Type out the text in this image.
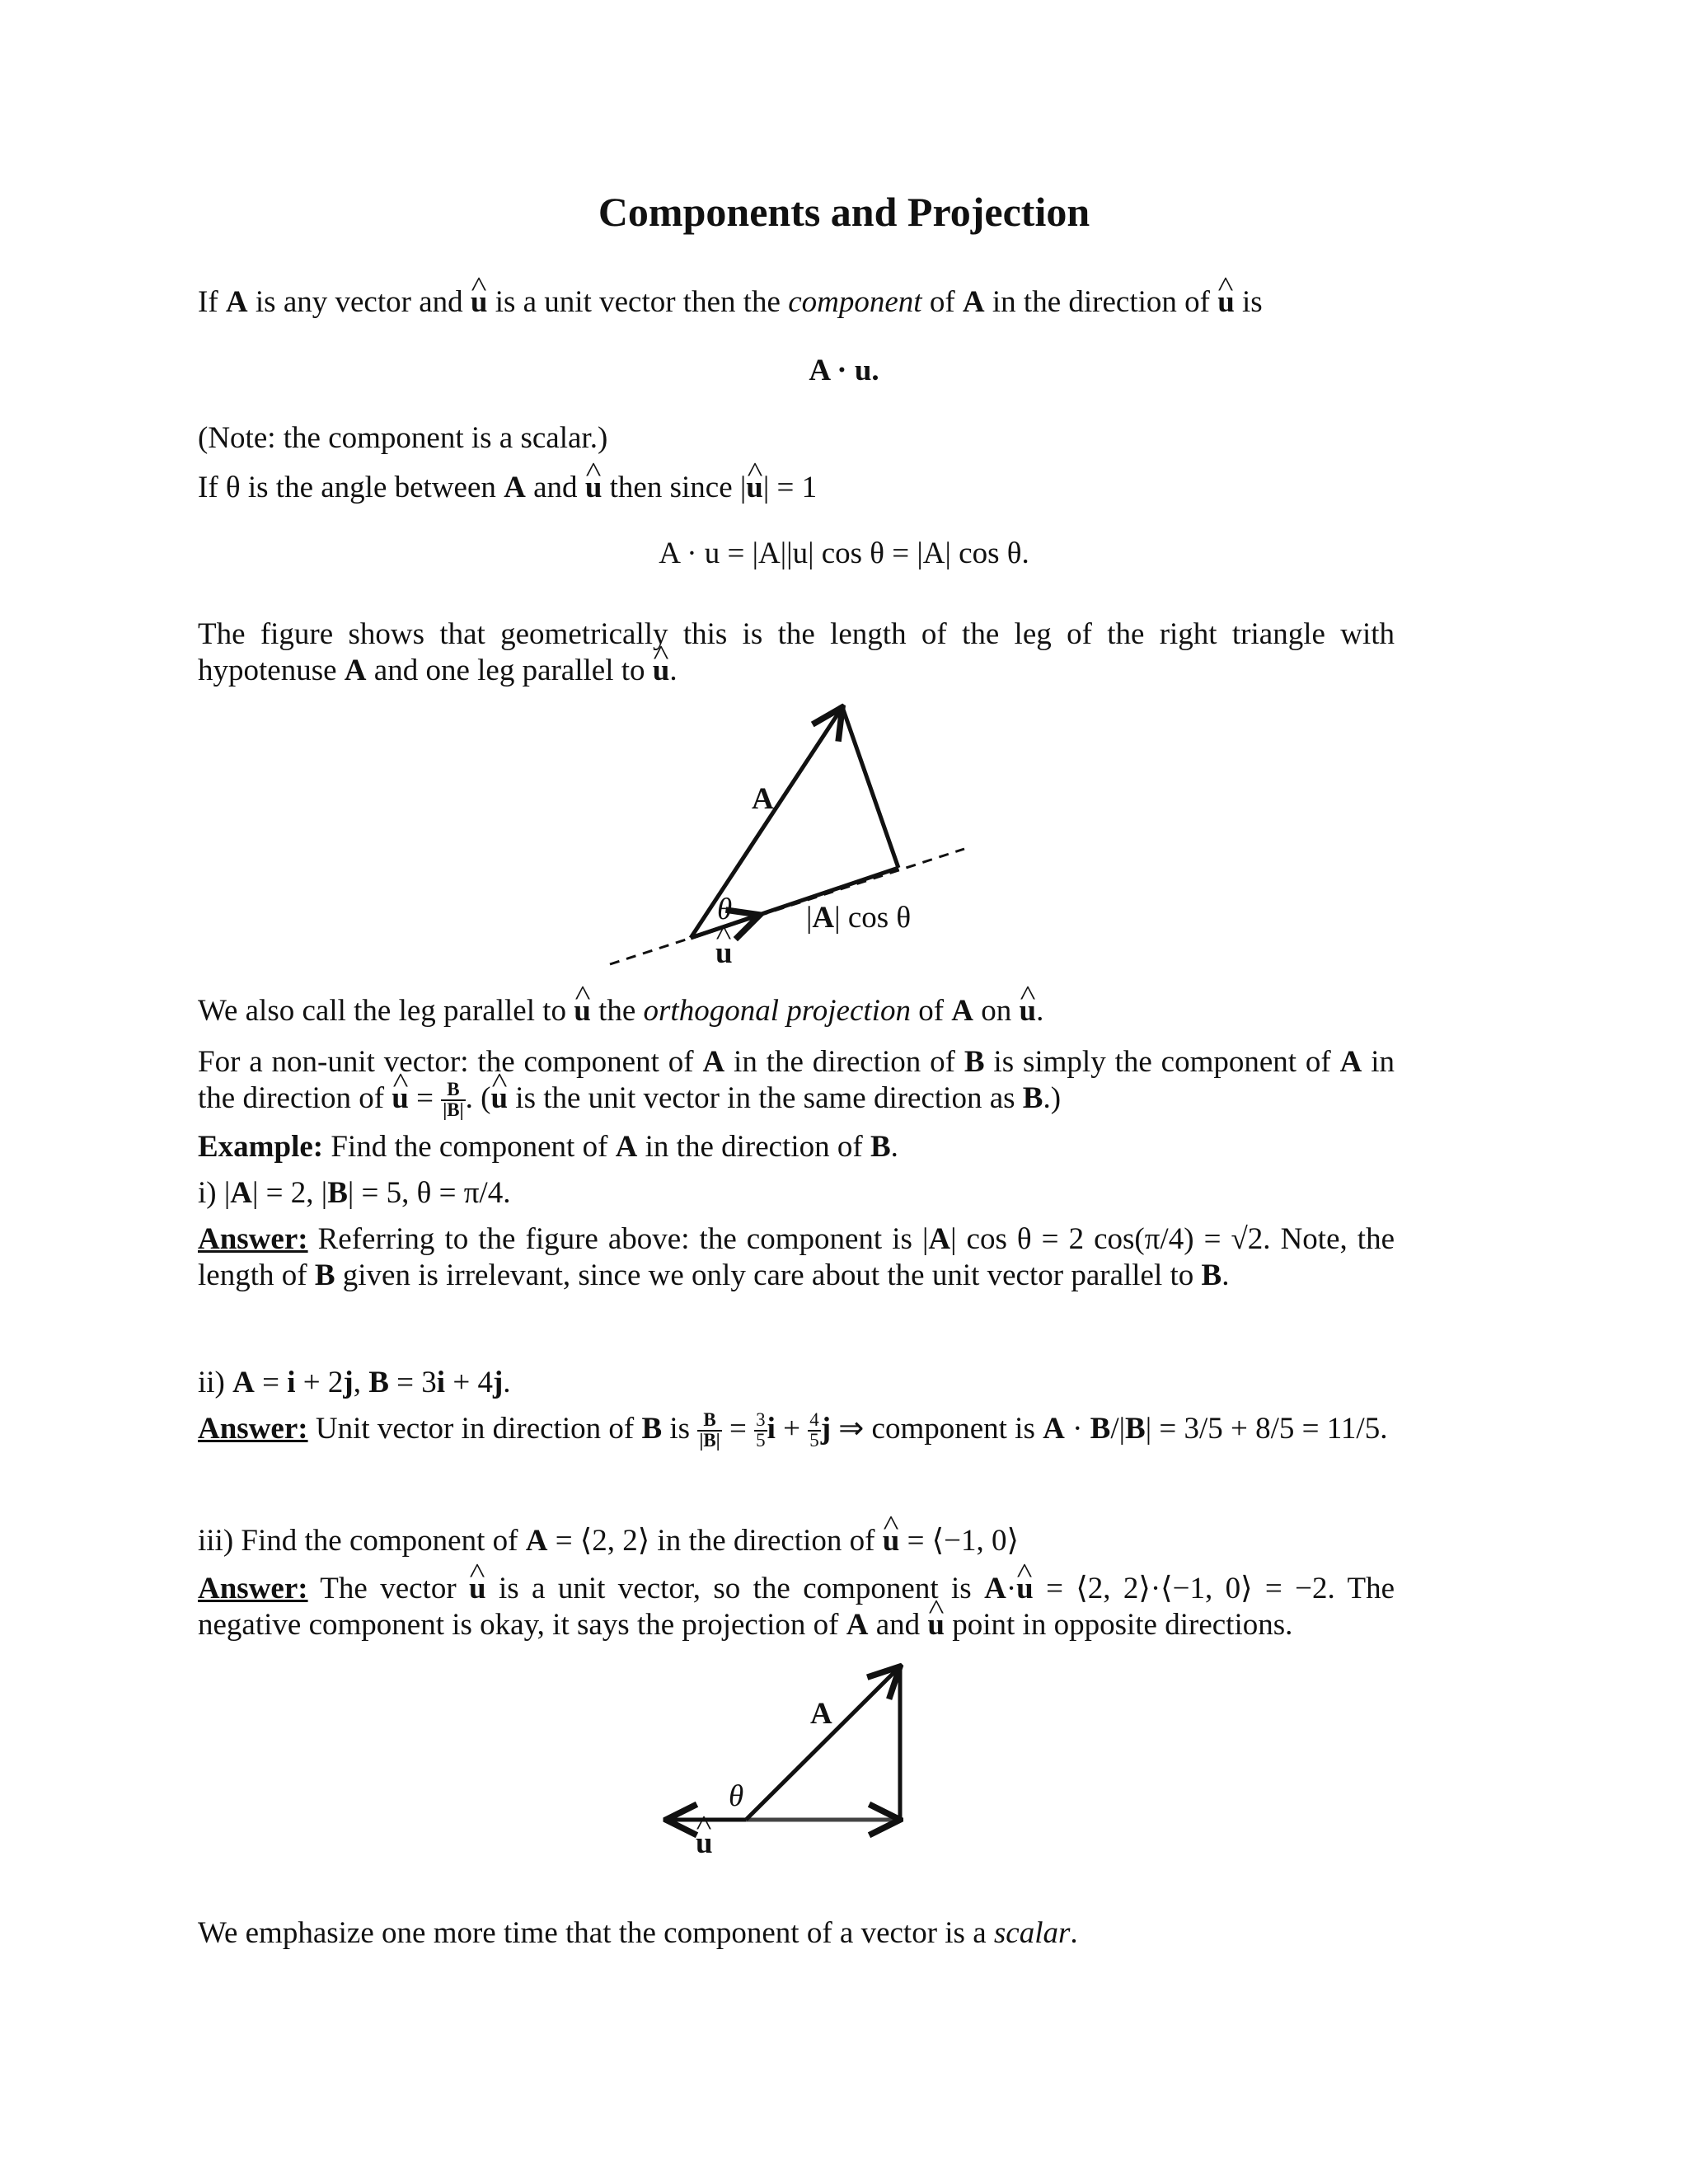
Components and Projection
If A is any vector and u ^ is a unit vector then the component of A in the direction of u ^ is
A · u.
(Note: the component is a scalar.)
If θ is the angle between A and u ^ then since |u ^| = 1
A · u = |A||u| cos θ = |A| cos θ.
The figure shows that geometrically this is the length of the leg of the right triangle with hypotenuse A and one leg parallel to u ^.
A
θ
u ^
|A| cos θ
We also call the leg parallel to u ^ the orthogonal projection of A on u ^.
For a non-unit vector: the component of A in the direction of B is simply the component of A in the direction of u ^ = $\frac{B}{|B|}$ . (u ^ is the unit vector in the same direction as B.)
Example: Find the component of A in the direction of B.
i) |A| = 2, |B| = 5, θ = π/4.
Answer: Referring to the figure above: the component is |A| cos θ = 2 cos(π/4) = √2. Note, the length of B given is irrelevant, since we only care about the unit vector parallel to B.
ii) A = i + 2j, B = 3i + 4j.
Answer: Unit vector in direction of B is $\frac{B}{|B|} = \frac{3}{5}$ $i + \frac{4}{5}$ j ⇒ component is A · B/|B| = 3/5 + 8/5 = 11/5.
iii) Find the component of A = ⟨2, 2⟩ in the direction of u ^ = ⟨−1, 0⟩
Answer: The vector u ^ is a unit vector, so the component is A·u ^ = ⟨2, 2⟩·⟨−1, 0⟩ = −2. The negative component is okay, it says the projection of A and u ^ point in opposite directions.
A
θ
u ^
We emphasize one more time that the component of a vector is a scalar.
